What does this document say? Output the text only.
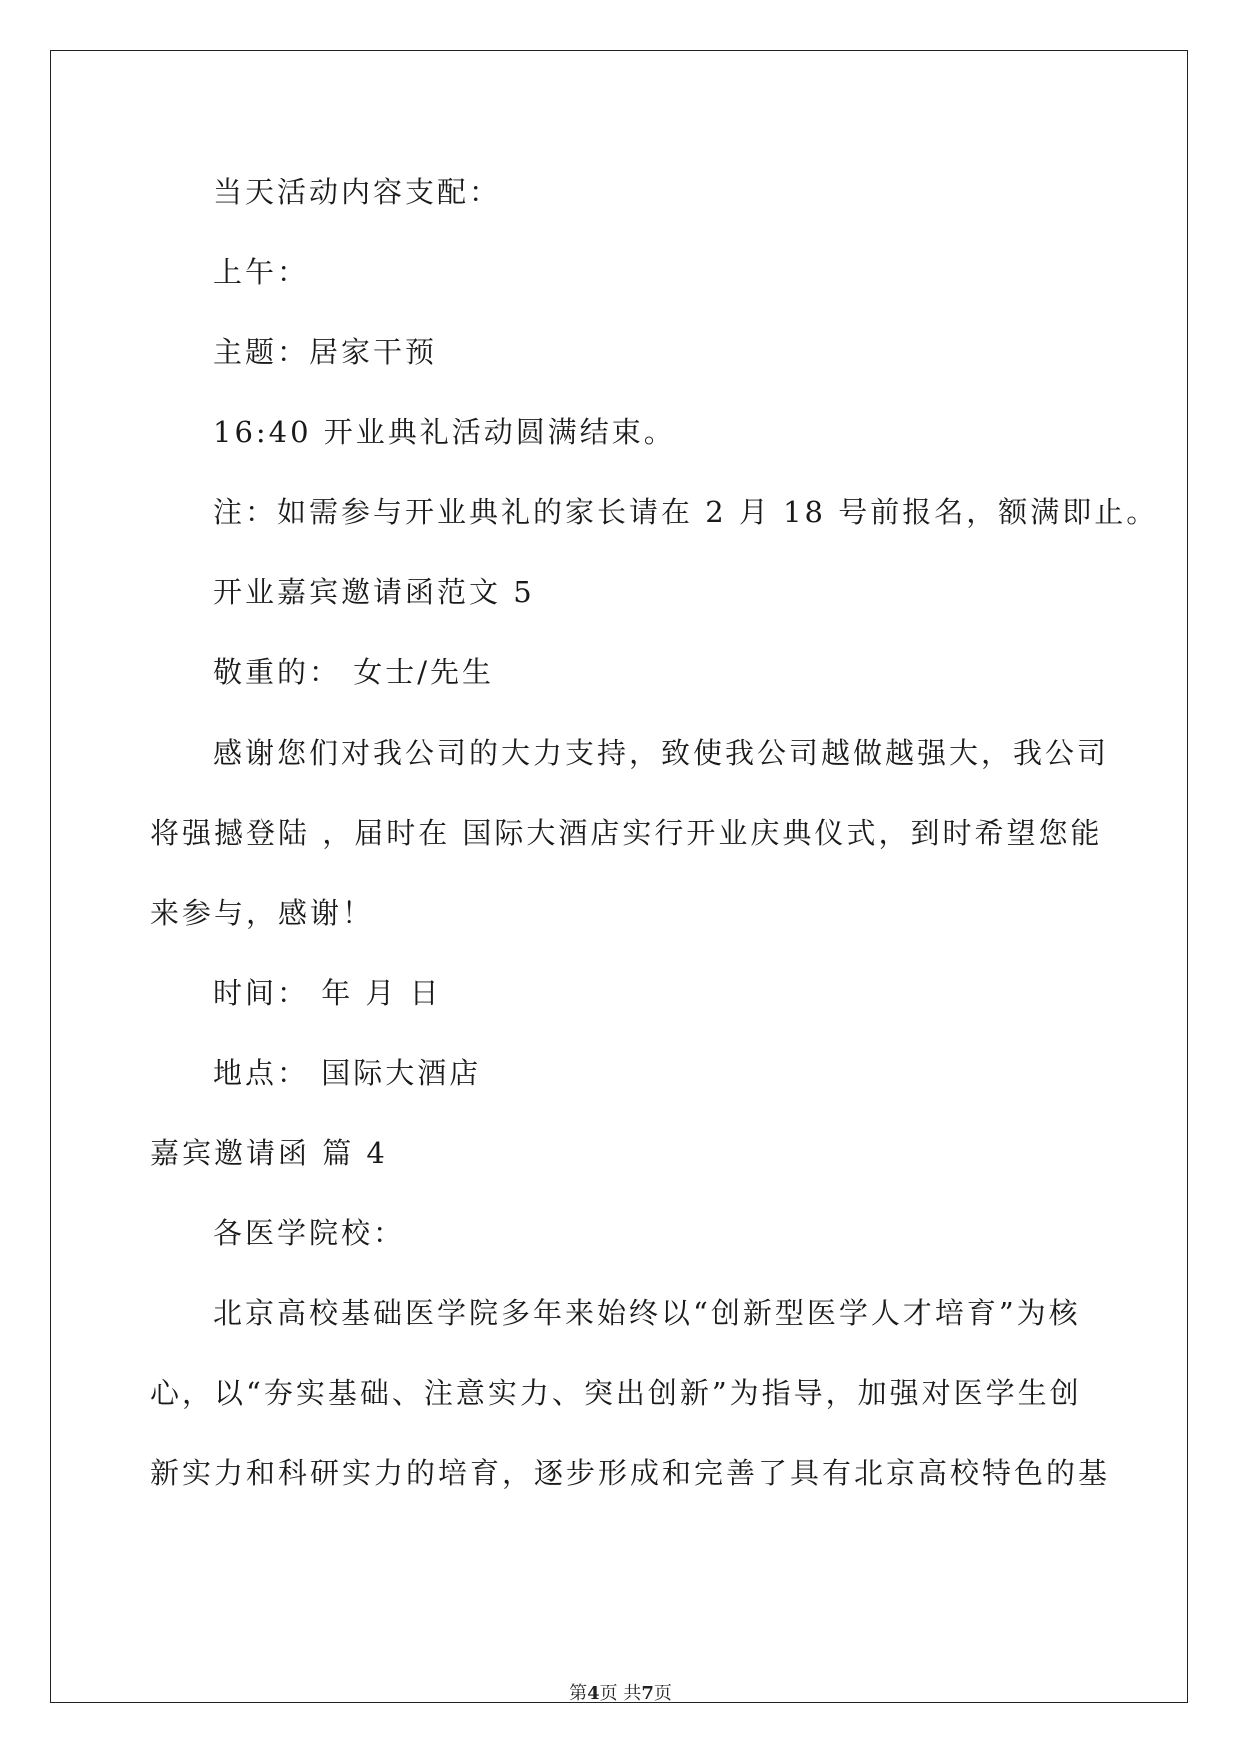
当天活动内容支配：
上午：
主题：居家干预
16:40 开业典礼活动圆满结束。
注：如需参与开业典礼的家长请在 2 月 18 号前报名，额满即止。
开业嘉宾邀请函范文 5
敬重的： 女士/先生
感谢您们对我公司的大力支持，致使我公司越做越强大，我公司
将强撼登陆 ，届时在 国际大酒店实行开业庆典仪式，到时希望您能
来参与，感谢！
时间： 年 月 日
地点： 国际大酒店
嘉宾邀请函 篇 4
各医学院校：
北京高校基础医学院多年来始终以“创新型医学人才培育”为核
心，以“夯实基础、注意实力、突出创新”为指导，加强对医学生创
新实力和科研实力的培育，逐步形成和完善了具有北京高校特色的基
第4页 共7页
